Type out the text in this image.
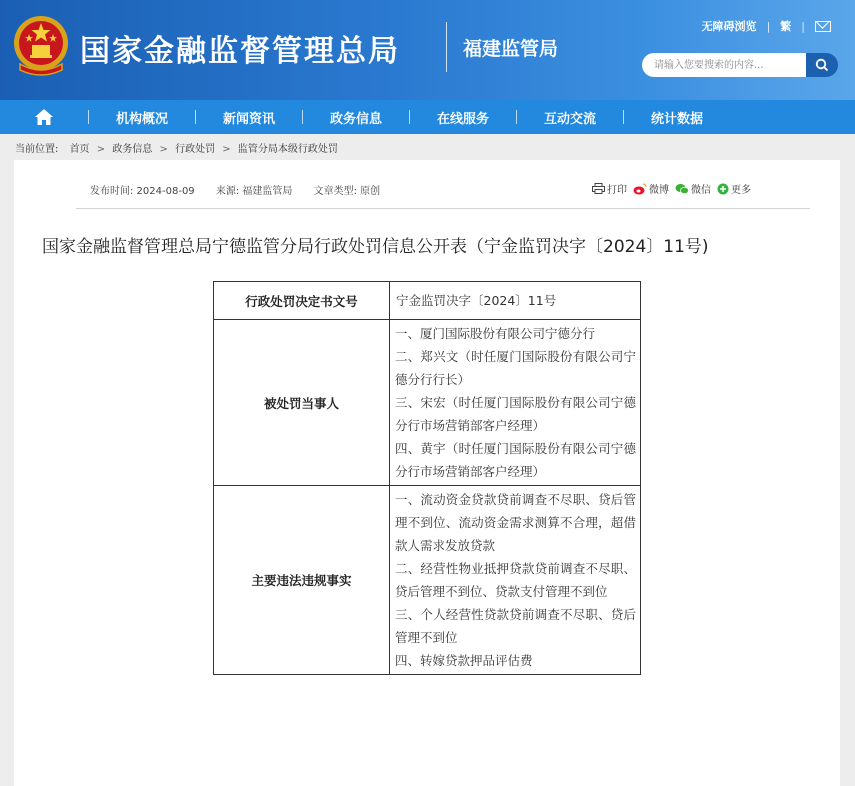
国家金融监督管理总局	福建监管局
无障碍浏览 | 繁 |
请输入您要搜索的内容...
机构概况	新闻资讯	政务信息	在线服务	互动交流	统计数据
当前位置: 首页 > 政务信息 > 行政处罚 > 监管分局本级行政处罚
发布时间: 2024-08-09 来源: 福建监管局 文章类型: 原创	打印 微博 微信 更多
国家金融监督管理总局宁德监管分局行政处罚信息公开表（宁金监罚决字〔2024〕11号)
行政处罚决定书文号	宁金监罚决字〔2024〕11号
被处罚当事人	一、厦门国际股份有限公司宁德分行
二、郑兴文（时任厦门国际股份有限公司宁德分行行长）
三、宋宏（时任厦门国际股份有限公司宁德分行市场营销部客户经理）
四、黄宇（时任厦门国际股份有限公司宁德分行市场营销部客户经理）
主要违法违规事实	一、流动资金贷款贷前调查不尽职、贷后管理不到位、流动资金需求测算不合理，超借款人需求发放贷款
二、经营性物业抵押贷款贷前调查不尽职、贷后管理不到位、贷款支付管理不到位
三、个人经营性贷款贷前调查不尽职、贷后管理不到位
四、转嫁贷款押品评估费
